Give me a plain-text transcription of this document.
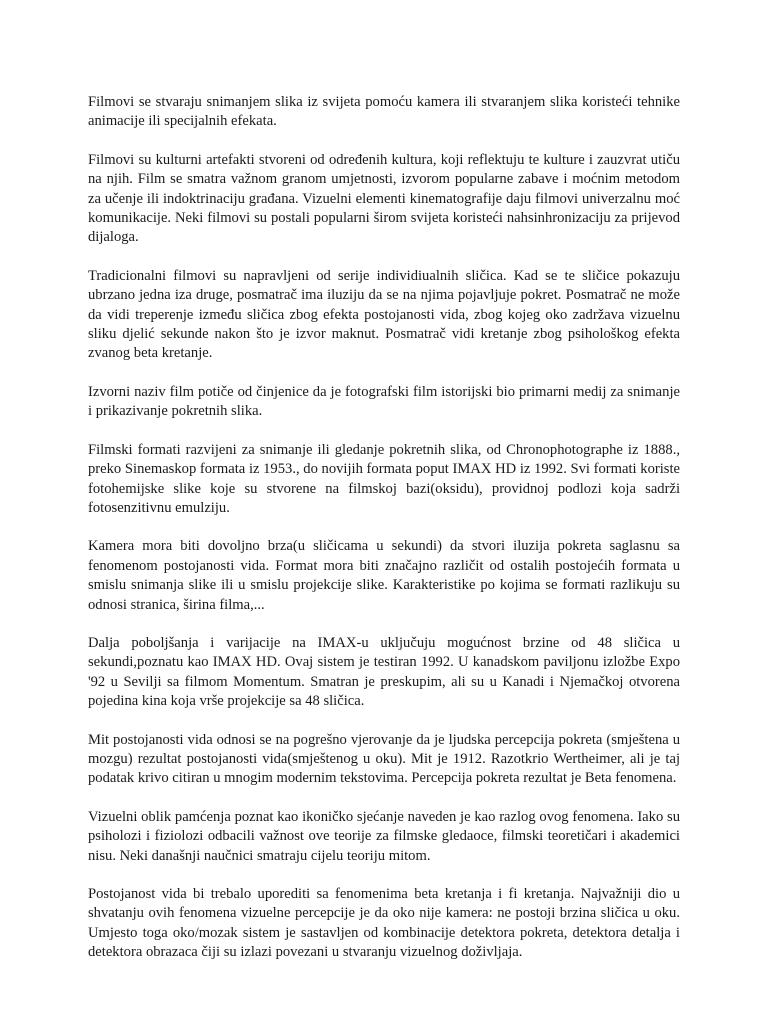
Filmovi se stvaraju snimanjem slika iz svijeta pomoću kamera ili stvaranjem slika koristeći tehnike animacije ili specijalnih efekata.

Filmovi su kulturni artefakti stvoreni od određenih kultura, koji reflektuju te kulture i zauzvrat utiču na njih. Film se smatra važnom granom umjetnosti, izvorom popularne zabave i moćnim metodom za učenje ili indoktrinaciju građana. Vizuelni elementi kinematografije daju filmovi univerzalnu moć komunikacije. Neki filmovi su postali popularni širom svijeta koristeći nahsinhronizaciju za prijevod dijaloga.

Tradicionalni filmovi su napravljeni od serije individiualnih sličica. Kad se te sličice pokazuju ubrzano jedna iza druge, posmatrač ima iluziju da se na njima pojavljuje pokret. Posmatrač ne može da vidi treperenje između sličica zbog efekta postojanosti vida, zbog kojeg oko zadržava vizuelnu sliku djelić sekunde nakon što je izvor maknut. Posmatrač vidi kretanje zbog psihološkog efekta zvanog beta kretanje.

Izvorni naziv film potiče od činjenice da je fotografski film istorijski bio primarni medij za snimanje i prikazivanje pokretnih slika.

Filmski formati razvijeni za snimanje ili gledanje pokretnih slika, od Chronophotographe iz 1888., preko Sinemaskop formata iz 1953., do novijih formata poput IMAX HD iz 1992. Svi formati koriste fotohemijske slike koje su stvorene na filmskoj bazi(oksidu), providnoj podlozi koja sadrži fotosenzitivnu emulziju.

Kamera mora biti dovoljno brza(u sličicama u sekundi) da stvori iluzija pokreta saglasnu sa fenomenom postojanosti vida. Format mora biti značajno različit od ostalih postojećih formata u smislu snimanja slike ili u smislu projekcije slike. Karakteristike po kojima se formati razlikuju su odnosi stranica, širina filma,...

Dalja poboljšanja i varijacije na IMAX-u uključuju mogućnost brzine od 48 sličica u sekundi,poznatu kao IMAX HD. Ovaj sistem je testiran 1992. U kanadskom paviljonu izložbe Expo '92 u Sevilji sa filmom Momentum. Smatran je preskupim, ali su u Kanadi i Njemačkoj otvorena pojedina kina koja vrše projekcije sa 48 sličica.

Mit postojanosti vida odnosi se na pogrešno vjerovanje da je ljudska percepcija pokreta (smještena u mozgu) rezultat postojanosti vida(smještenog u oku). Mit je 1912. Razotkrio Wertheimer, ali je taj podatak krivo citiran u mnogim modernim tekstovima. Percepcija pokreta rezultat je Beta fenomena.

Vizuelni oblik pamćenja poznat kao ikoničko sjećanje naveden je kao razlog ovog fenomena. Iako su psiholozi i fiziolozi odbacili važnost ove teorije za filmske gledaoce, filmski teoretičari i akademici nisu. Neki današnji naučnici smatraju cijelu teoriju mitom.

Postojanost vida bi trebalo uporediti sa fenomenima beta kretanja i fi kretanja. Najvažniji dio u shvatanju ovih fenomena vizuelne percepcije je da oko nije kamera: ne postoji brzina sličica u oku. Umjesto toga oko/mozak sistem je sastavljen od kombinacije detektora pokreta, detektora detalja i detektora obrazaca čiji su izlazi povezani u stvaranju vizuelnog doživljaja.
